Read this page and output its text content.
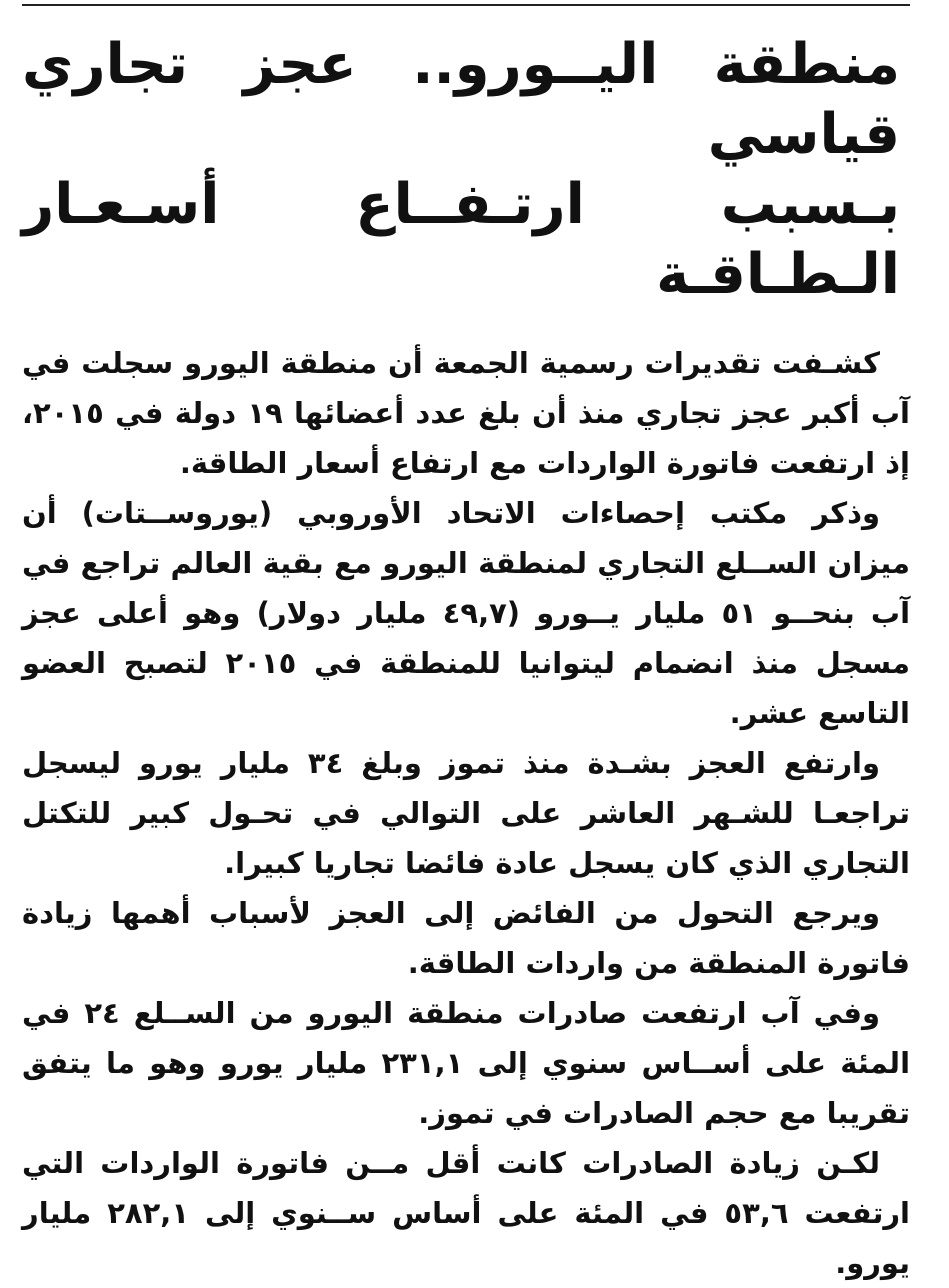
منطقة اليــورو.. عجز تجاري قياسي
بـسبب ارتـفــاع أسـعـار الـطـاقـة

كشـفت تقديرات رسمية الجمعة أن منطقة اليورو سجلت في آب أكبر عجز تجاري منذ أن بلغ عدد أعضائها ١٩ دولة في ٢٠١٥، إذ ارتفعت فاتورة الواردات مع ارتفاع أسعار الطاقة.

وذكر مكتب إحصاءات الاتحاد الأوروبي (يوروســتات) أن ميزان الســلع التجاري لمنطقة اليورو مع بقية العالم تراجع في آب بنحــو ٥١ مليار يــورو (٤٩,٧ مليار دولار) وهو أعلى عجز مسجل منذ انضمام ليتوانيا للمنطقة في ٢٠١٥ لتصبح العضو التاسع عشر.

وارتفع العجز بشـدة منذ تموز وبلغ ٣٤ مليار يورو ليسجل تراجعـا للشـهر العاشر على التوالي في تحـول كبير للتكتل التجاري الذي كان يسجل عادة فائضا تجاريا كبيرا.

ويرجع التحول من الفائض إلى العجز لأسباب أهمها زيادة فاتورة المنطقة من واردات الطاقة.

وفي آب ارتفعت صادرات منطقة اليورو من الســلع ٢٤ في المئة على أســاس سنوي إلى ٢٣١,١ مليار يورو وهو ما يتفق تقريبا مع حجم الصادرات في تموز.

لكـن زيادة الصادرات كانت أقل مــن فاتورة الواردات التي ارتفعت ٥٣,٦ في المئة على أساس ســنوي إلى ٢٨٢,١ مليار يورو.
